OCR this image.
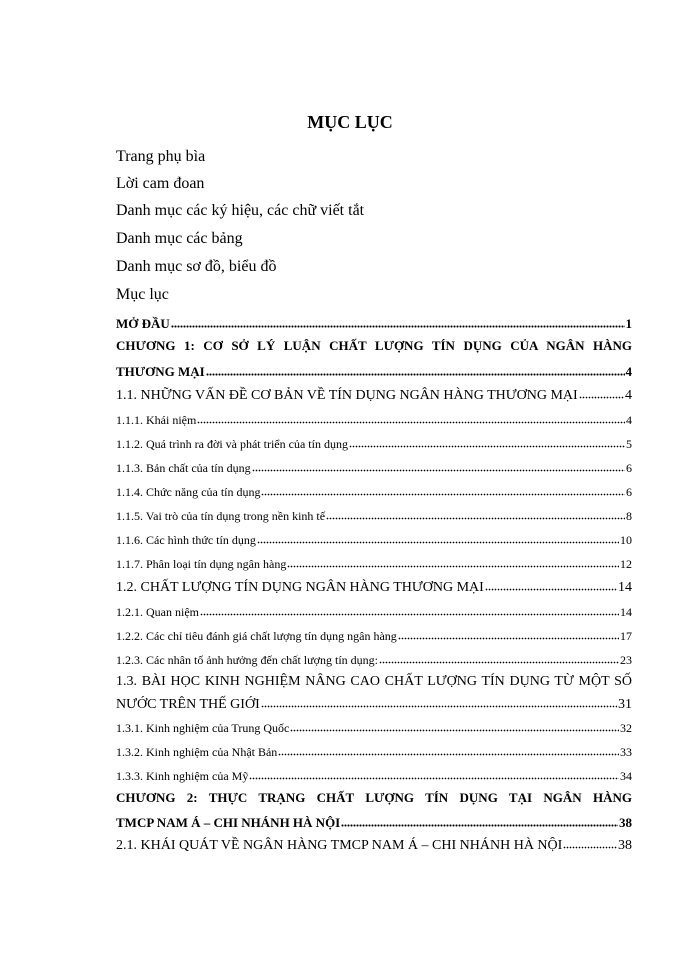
MỤC LỤC
Trang phụ bìa
Lời cam đoan
Danh mục các ký hiệu, các chữ viết tắt
Danh mục các bảng
Danh mục sơ đồ, biểu đồ
Mục lục
MỞ ĐẦU	1
CHƯƠNG 1: CƠ SỞ LÝ LUẬN CHẤT LƯỢNG TÍN DỤNG CỦA NGÂN HÀNG
THƯƠNG MẠI	4
1.1. NHỮNG VẤN ĐỀ CƠ BẢN VỀ TÍN DỤNG NGÂN HÀNG THƯƠNG MẠI	4
1.1.1. Khái niệm	4
1.1.2. Quá trình ra đời và phát triển của tín dụng	5
1.1.3. Bản chất của tín dụng	6
1.1.4. Chức năng của tín dụng	6
1.1.5. Vai trò của tín dụng trong nền kinh tế	8
1.1.6. Các hình thức tín dụng	10
1.1.7. Phân loại tín dụng ngân hàng	12
1.2. CHẤT LƯỢNG TÍN DỤNG NGÂN HÀNG THƯƠNG MẠI	14
1.2.1. Quan niệm	14
1.2.2. Các chỉ tiêu đánh giá chất lượng tín dụng ngân hàng	17
1.2.3. Các nhân tố ảnh hưởng đến chất lượng tín dụng:	23
1.3. BÀI HỌC KINH NGHIỆM NÂNG CAO CHẤT LƯỢNG TÍN DỤNG TỪ MỘT SỐ
NƯỚC TRÊN THẾ GIỚI	31
1.3.1. Kinh nghiệm của Trung Quốc	32
1.3.2. Kinh nghiệm của Nhật Bản	33
1.3.3. Kinh nghiệm của Mỹ	34
CHƯƠNG 2: THỰC TRẠNG CHẤT LƯỢNG TÍN DỤNG TẠI NGÂN HÀNG
TMCP NAM Á – CHI NHÁNH HÀ NỘI	38
2.1. KHÁI QUÁT VỀ NGÂN HÀNG TMCP NAM Á – CHI NHÁNH HÀ NỘI	38
